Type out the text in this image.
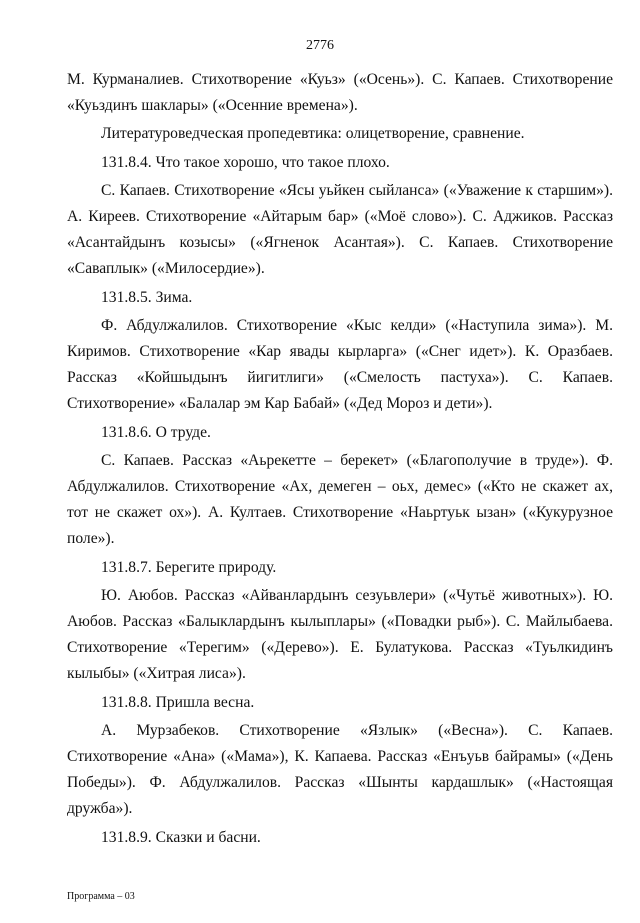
2776

М. Курманалиев. Стихотворение «Куьз» («Осень»). С. Капаев. Стихотворение «Куьздинъ шаклары» («Осенние времена»).

Литературоведческая пропедевтика: олицетворение, сравнение.

131.8.4. Что такое хорошо, что такое плохо.

С. Капаев. Стихотворение «Ясы уьйкен сыйланса» («Уважение к старшим»). А. Киреев. Стихотворение «Айтарым бар» («Моё слово»). С. Аджиков. Рассказ «Асантайдынъ козысы» («Ягненок Асантая»). С. Капаев. Стихотворение «Саваплык» («Милосердие»).

131.8.5. Зима.

Ф. Абдулжалилов. Стихотворение «Кыс келди» («Наступила зима»). М. Киримов. Стихотворение «Кар явады кырларга» («Снег идет»). К. Оразбаев. Рассказ «Койшыдынъ йигитлиги» («Смелость пастуха»). С. Капаев. Стихотворение» «Балалар эм Кар Бабай» («Дед Мороз и дети»).

131.8.6. О труде.

С. Капаев. Рассказ «Аьрекетте – берекет» («Благополучие в труде»). Ф. Абдулжалилов. Стихотворение «Ах, демеген – оьх, демес» («Кто не скажет ах, тот не скажет ох»). А. Култаев. Стихотворение «Наьртуьк ызан» («Кукурузное поле»).

131.8.7. Берегите природу.

Ю. Аюбов. Рассказ «Айванлардынъ сезуьвлери» («Чутьё животных»). Ю. Аюбов. Рассказ «Балыклардынъ кылыплары» («Повадки рыб»). С. Майлыбаева. Стихотворение «Терегим» («Дерево»). Е. Булатукова. Рассказ «Туьлкидинъ кылыбы» («Хитрая лиса»).

131.8.8. Пришла весна.

А. Мурзабеков. Стихотворение «Язлык» («Весна»). С. Капаев. Стихотворение «Ана» («Мама»), К. Капаева. Рассказ «Енъуьв байрамы» («День Победы»). Ф. Абдулжалилов. Рассказ «Шынты кардашлык» («Настоящая дружба»).

131.8.9. Сказки и басни.

Программа – 03
